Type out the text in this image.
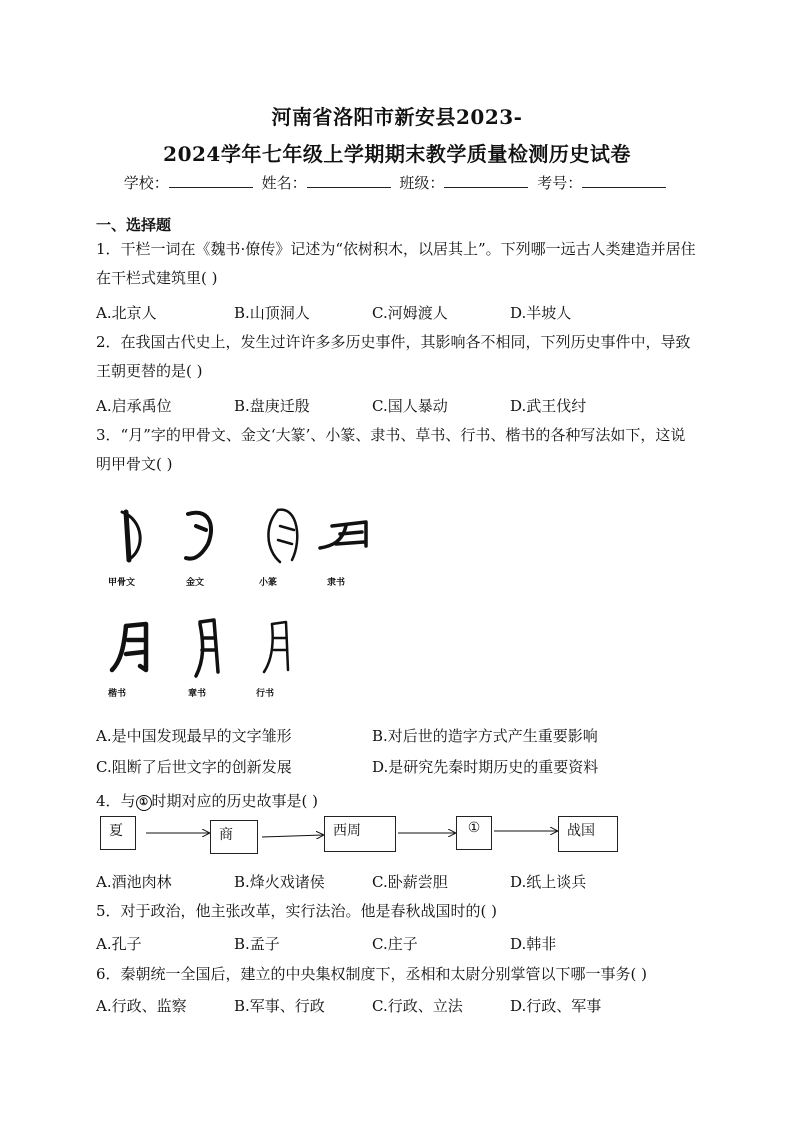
河南省洛阳市新安县2023-
2024学年七年级上学期期末教学质量检测历史试卷
学校：	姓名：	班级：	考号：
一、选择题
1．干栏一词在《魏书·僚传》记述为“依树积木，以居其上”。下列哪一远古人类建造并居住在干栏式建筑里( )
A.北京人	B.山顶洞人	C.河姆渡人	D.半坡人
2．在我国古代史上，发生过许许多多历史事件，其影响各不相同，下列历史事件中，导致王朝更替的是( )
A.启承禹位	B.盘庚迁殷	C.国人暴动	D.武王伐纣
3．“月”字的甲骨文、金文‘大篆’、小篆、隶书、草书、行书、楷书的各种写法如下，这说明甲骨文( )
甲骨文	金文	小篆	隶书
楷书	章书	行书
A.是中国发现最早的文字雏形	B.对后世的造字方式产生重要影响
C.阻断了后世文字的创新发展	D.是研究先秦时期历史的重要资料
4．与 ① 时期对应的历史故事是( )
夏	商	西周	①	战国
A.酒池肉林	B.烽火戏诸侯	C.卧薪尝胆	D.纸上谈兵
5．对于政治，他主张改革，实行法治。他是春秋战国时的( )
A.孔子	B.孟子	C.庄子	D.韩非
6．秦朝统一全国后，建立的中央集权制度下，丞相和太尉分别掌管以下哪一事务( )
A.行政、监察	B.军事、行政	C.行政、立法	D.行政、军事
